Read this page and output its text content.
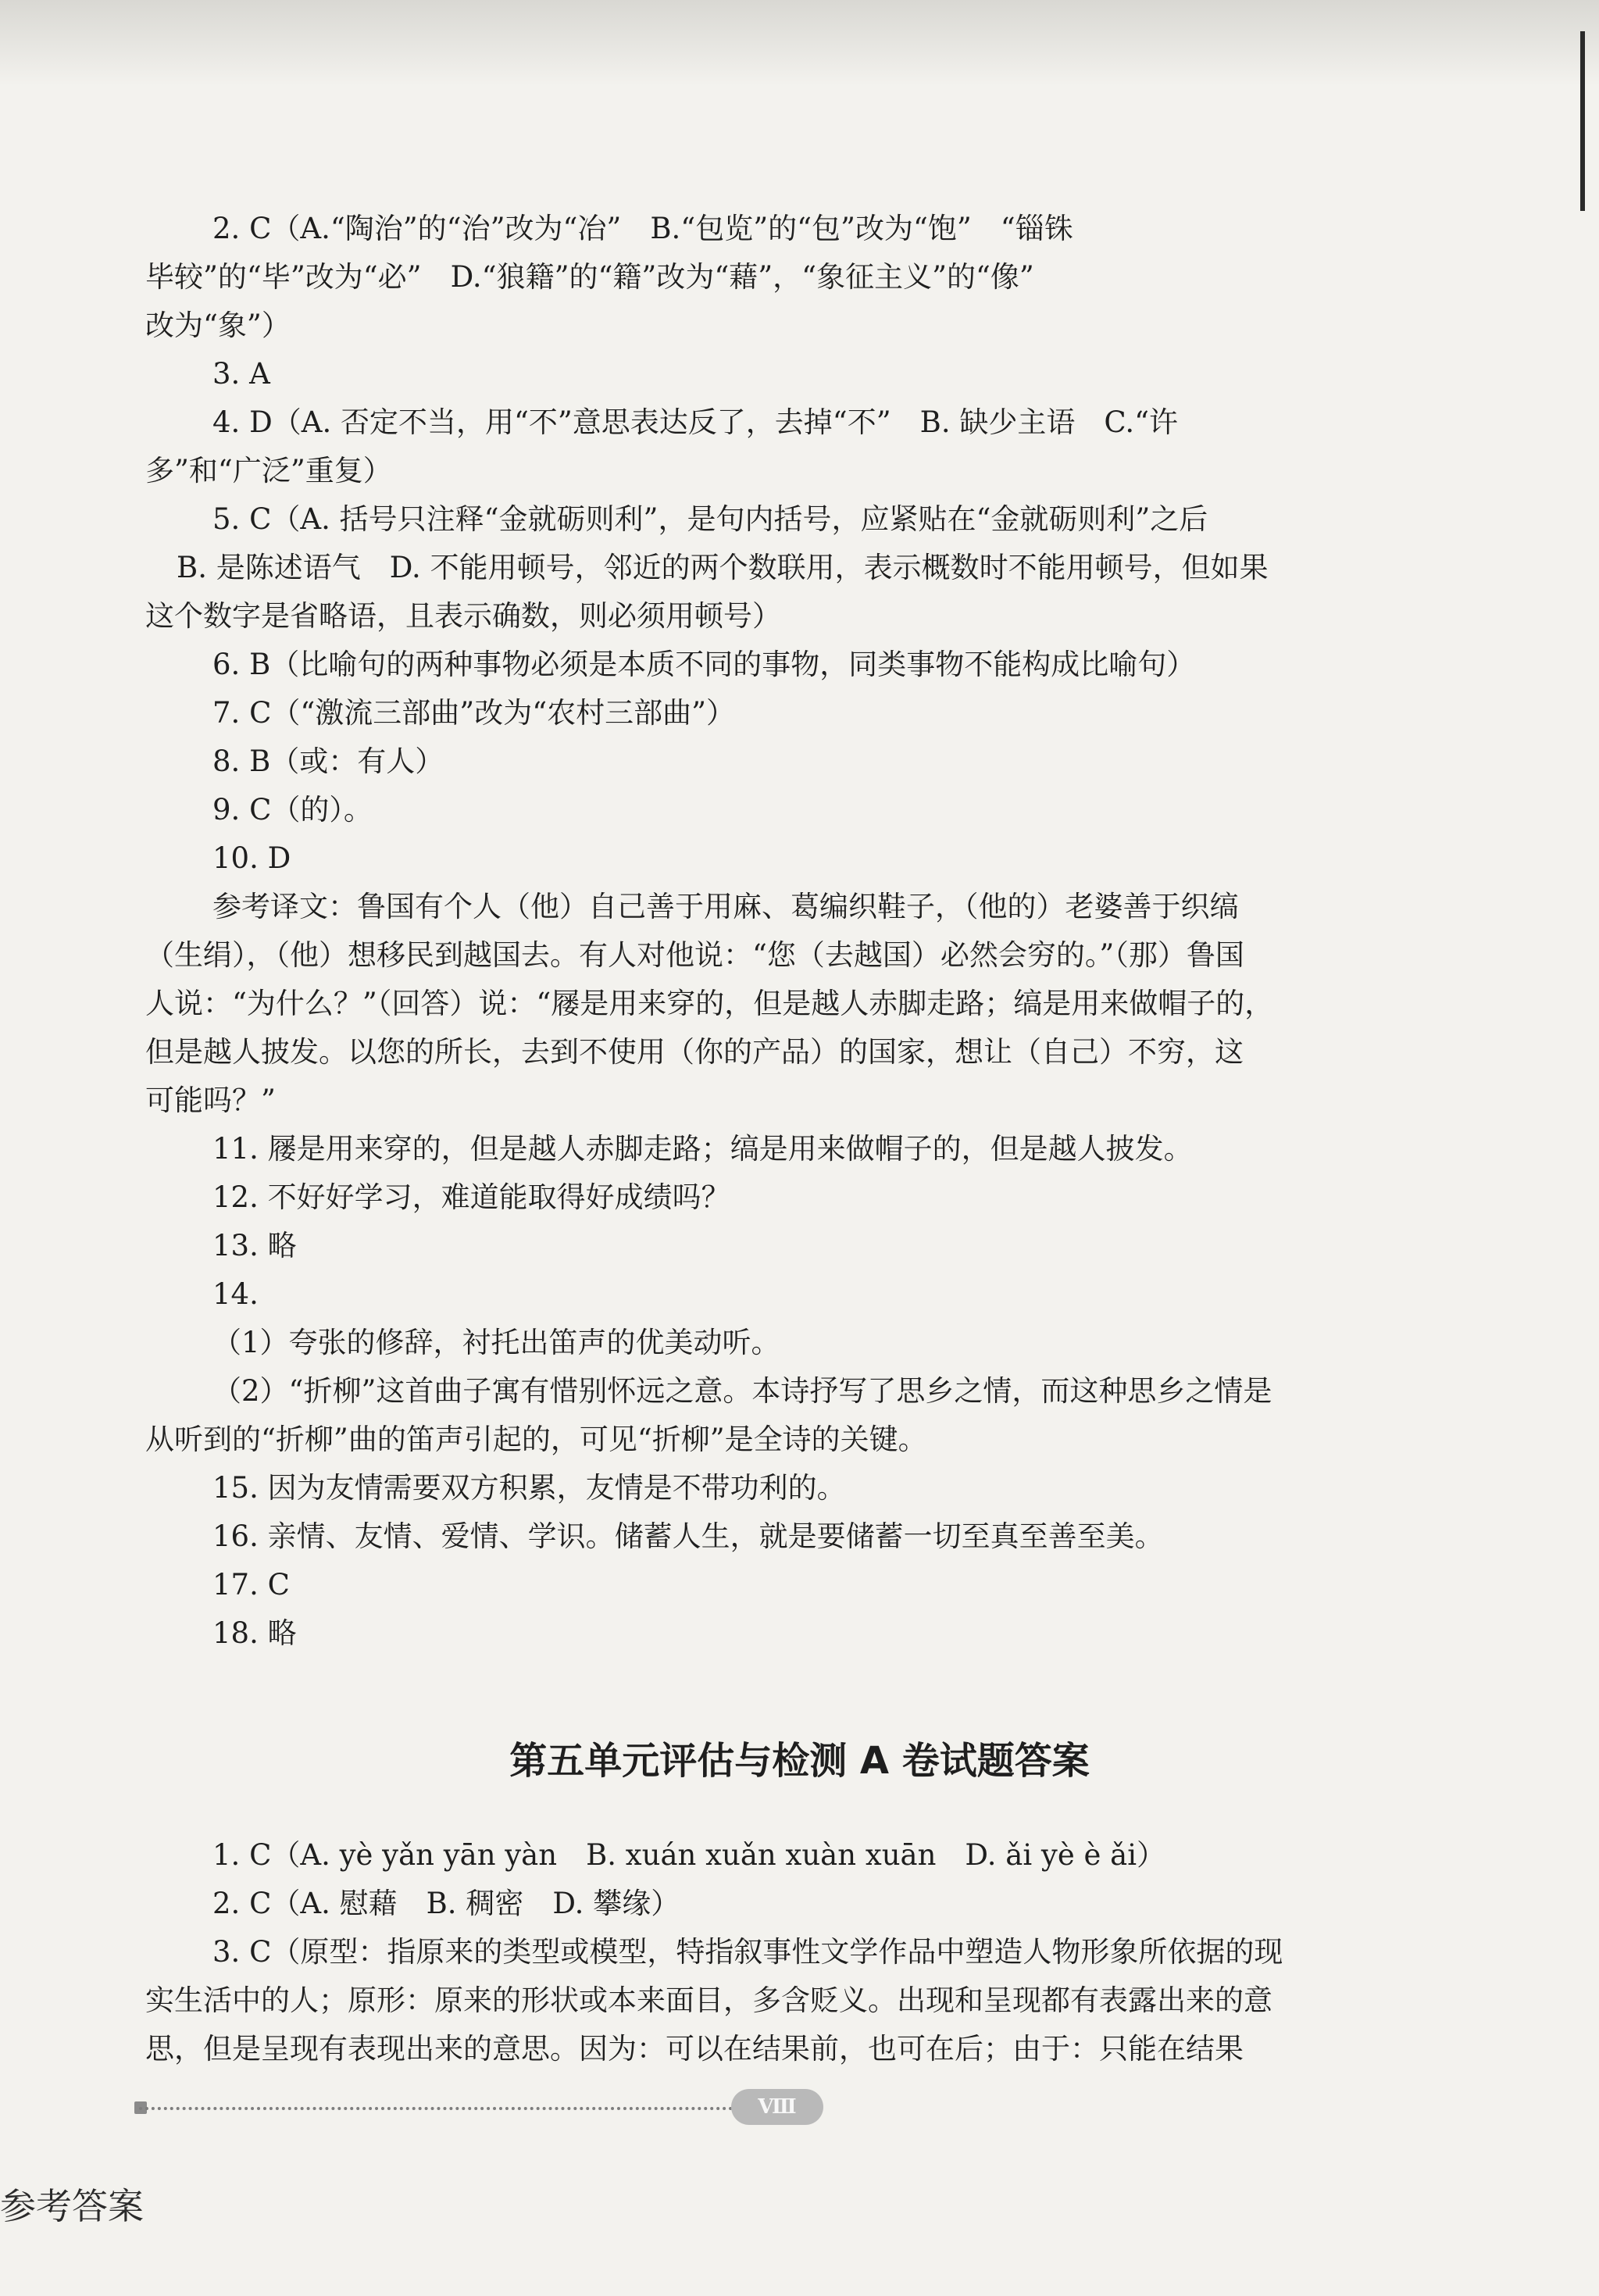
2. C（A.“陶治”的“治”改为“冶”　B.“包览”的“包”改为“饱”　“锱铢
毕较”的“毕”改为“必”　D.“狼籍”的“籍”改为“藉”，“象征主义”的“像”
改为“象”）
3. A
4. D（A. 否定不当，用“不”意思表达反了，去掉“不”　B. 缺少主语　C.“许
多”和“广泛”重复）
5. C（A. 括号只注释“金就砺则利”，是句内括号，应紧贴在“金就砺则利”之后
B. 是陈述语气　D. 不能用顿号，邻近的两个数联用，表示概数时不能用顿号，但如果
这个数字是省略语，且表示确数，则必须用顿号）
6. B（比喻句的两种事物必须是本质不同的事物，同类事物不能构成比喻句）
7. C（“激流三部曲”改为“农村三部曲”）
8. B（或：有人）
9. C（的）。
10. D
参考译文：鲁国有个人（他）自己善于用麻、葛编织鞋子，（他的）老婆善于织缟
（生绢），（他）想移民到越国去。有人对他说：“您（去越国）必然会穷的。”（那）鲁国
人说：“为什么？”（回答）说：“屦是用来穿的，但是越人赤脚走路；缟是用来做帽子的，
但是越人披发。以您的所长，去到不使用（你的产品）的国家，想让（自己）不穷，这
可能吗？”
11. 屦是用来穿的，但是越人赤脚走路；缟是用来做帽子的，但是越人披发。
12. 不好好学习，难道能取得好成绩吗？
13. 略
14.
（1）夸张的修辞，衬托出笛声的优美动听。
（2）“折柳”这首曲子寓有惜别怀远之意。本诗抒写了思乡之情，而这种思乡之情是
从听到的“折柳”曲的笛声引起的，可见“折柳”是全诗的关键。
15. 因为友情需要双方积累，友情是不带功利的。
16. 亲情、友情、爱情、学识。储蓄人生，就是要储蓄一切至真至善至美。
17. C
18. 略
第五单元评估与检测 A 卷试题答案
1. C（A. yè yǎn yān yàn　B. xuán xuǎn xuàn xuān　D. ǎi yè è ǎi）
2. C（A. 慰藉　B. 稠密　D. 攀缘）
3. C（原型：指原来的类型或模型，特指叙事性文学作品中塑造人物形象所依据的现
实生活中的人；原形：原来的形状或本来面目，多含贬义。出现和呈现都有表露出来的意
思，但是呈现有表现出来的意思。因为：可以在结果前，也可在后；由于：只能在结果
Ⅷ
参考答案
